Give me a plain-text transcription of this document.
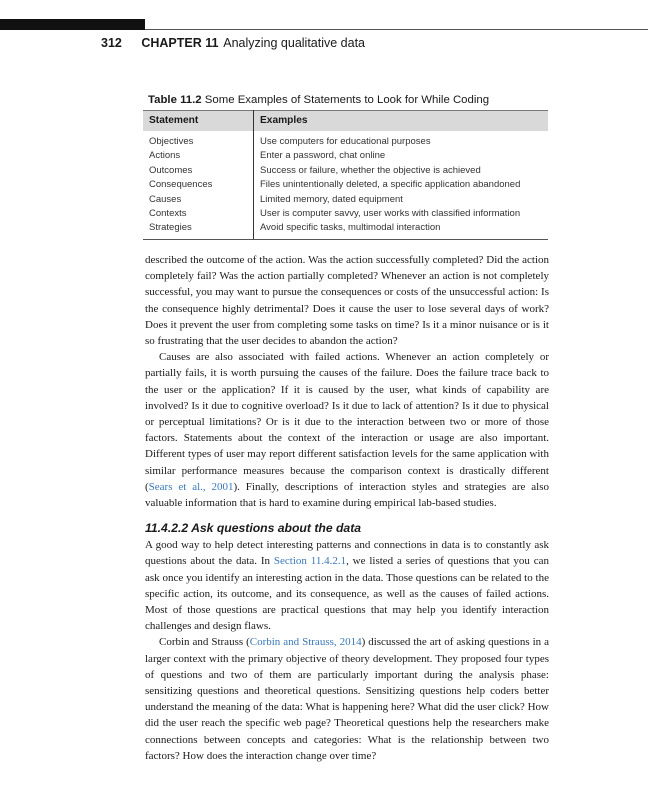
312 CHAPTER 11 Analyzing qualitative data
Table 11.2 Some Examples of Statements to Look for While Coding
Statement	Examples
Objectives	Use computers for educational purposes
Actions	Enter a password, chat online
Outcomes	Success or failure, whether the objective is achieved
Consequences	Files unintentionally deleted, a specific application abandoned
Causes	Limited memory, dated equipment
Contexts	User is computer savvy, user works with classified information
Strategies	Avoid specific tasks, multimodal interaction

described the outcome of the action. Was the action successfully completed? Did the action completely fail? Was the action partially completed? Whenever an action is not completely successful, you may want to pursue the consequences or costs of the unsuccessful action: Is the consequence highly detrimental? Does it cause the user to lose several days of work? Does it prevent the user from completing some tasks on time? Is it a minor nuisance or is it so frustrating that the user decides to abandon the action?

Causes are also associated with failed actions. Whenever an action completely or partially fails, it is worth pursuing the causes of the failure. Does the failure trace back to the user or the application? If it is caused by the user, what kinds of capability are involved? Is it due to cognitive overload? Is it due to lack of attention? Is it due to physical or perceptual limitations? Or is it due to the interaction between two or more of those factors. Statements about the context of the interaction or usage are also important. Different types of user may report different satisfaction levels for the same application with similar performance measures because the comparison context is drastically different (Sears et al., 2001). Finally, descriptions of interaction styles and strategies are also valuable information that is hard to examine during empirical lab-based studies.

11.4.2.2 Ask questions about the data

A good way to help detect interesting patterns and connections in data is to constantly ask questions about the data. In Section 11.4.2.1, we listed a series of questions that you can ask once you identify an interesting action in the data. Those questions can be related to the specific action, its outcome, and its consequence, as well as the causes of failed actions. Most of those questions are practical questions that may help you identify interaction challenges and design flaws.

Corbin and Strauss (Corbin and Strauss, 2014) discussed the art of asking questions in a larger context with the primary objective of theory development. They proposed four types of questions and two of them are particularly important during the analysis phase: sensitizing questions and theoretical questions. Sensitizing questions help coders better understand the meaning of the data: What is happening here? What did the user click? How did the user reach the specific web page? Theoretical questions help the researchers make connections between concepts and categories: What is the relationship between two factors? How does the interaction change over time?
